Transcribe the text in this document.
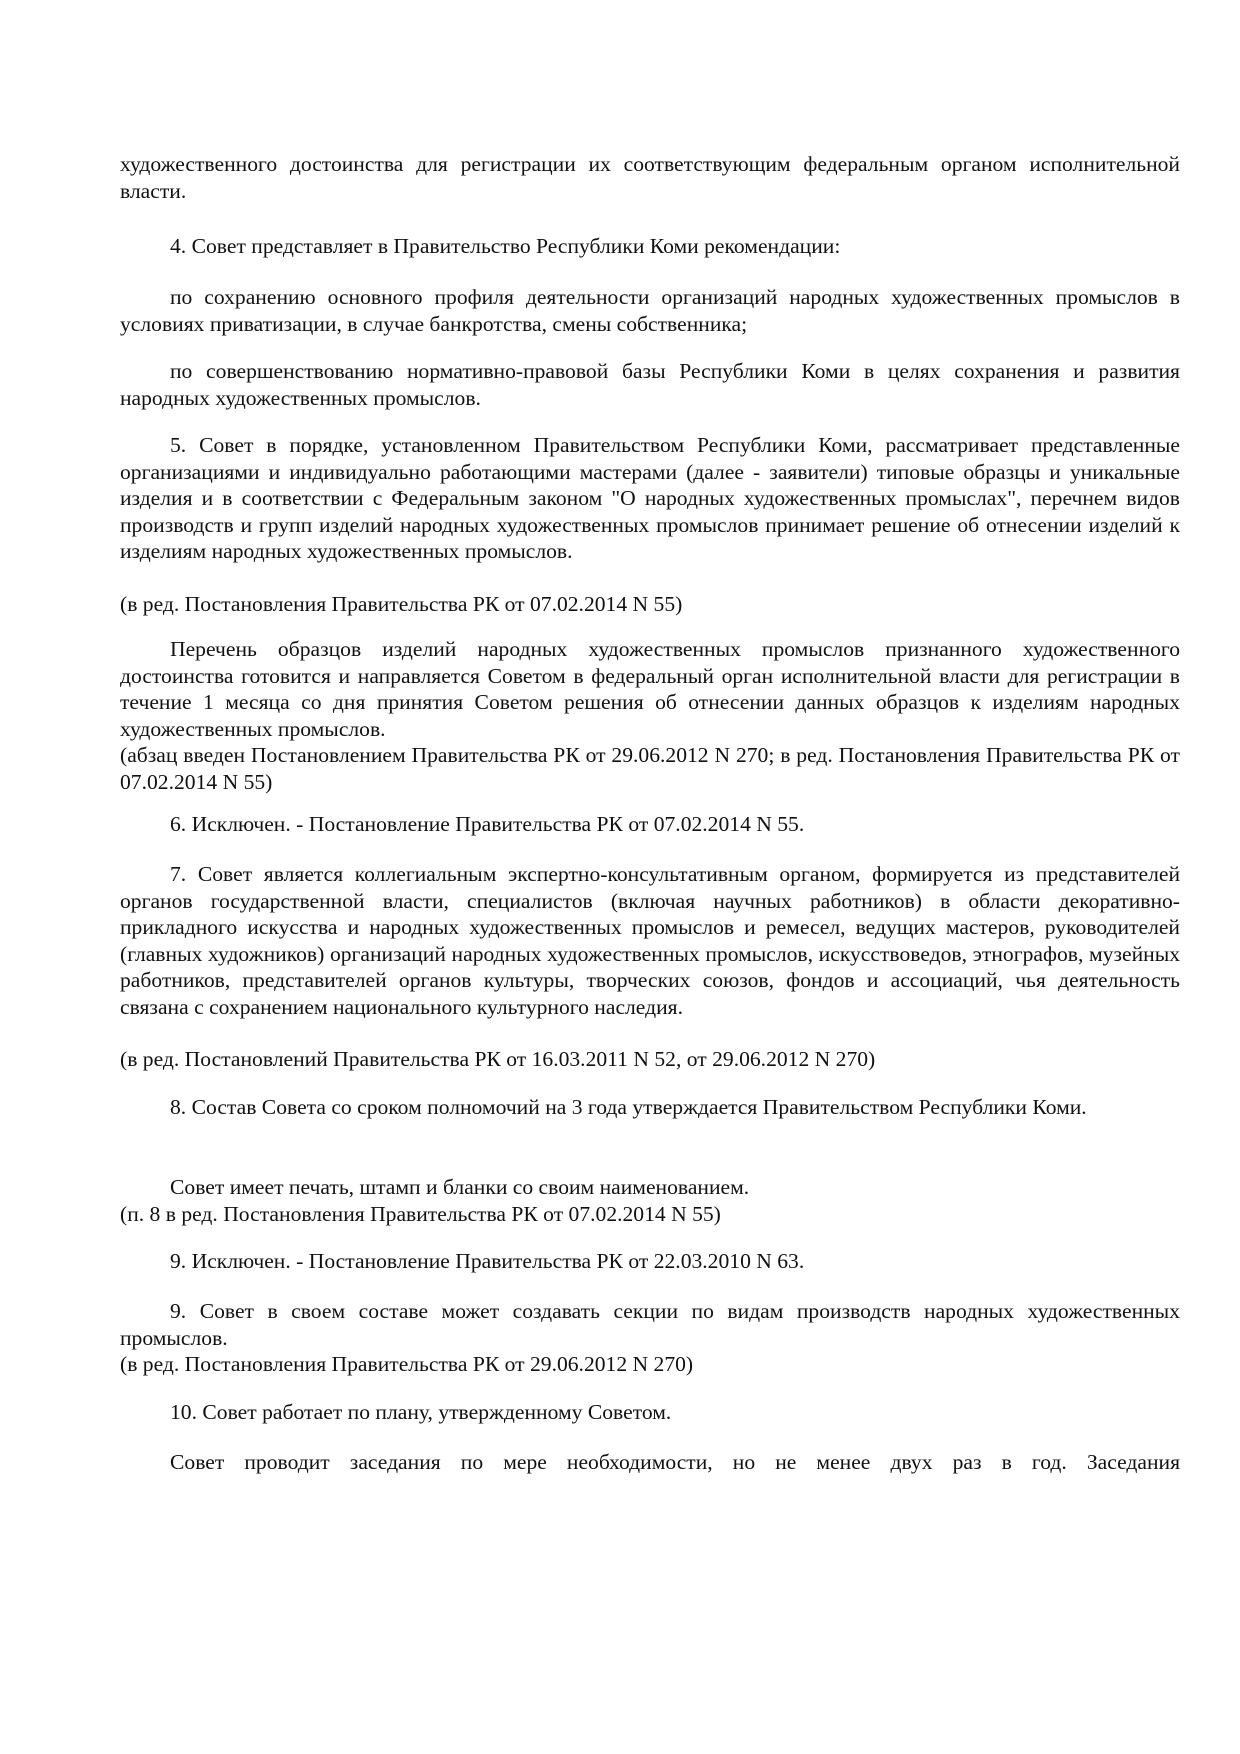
художественного достоинства для регистрации их соответствующим федеральным органом исполнительной власти.

4. Совет представляет в Правительство Республики Коми рекомендации:

по сохранению основного профиля деятельности организаций народных художественных промыслов в условиях приватизации, в случае банкротства, смены собственника;

по совершенствованию нормативно-правовой базы Республики Коми в целях сохранения и развития народных художественных промыслов.

5. Совет в порядке, установленном Правительством Республики Коми, рассматривает представленные организациями и индивидуально работающими мастерами (далее - заявители) типовые образцы и уникальные изделия и в соответствии с Федеральным законом "О народных художественных промыслах", перечнем видов производств и групп изделий народных художественных промыслов принимает решение об отнесении изделий к изделиям народных художественных промыслов.

(в ред. Постановления Правительства РК от 07.02.2014 N 55)

Перечень образцов изделий народных художественных промыслов признанного художественного достоинства готовится и направляется Советом в федеральный орган исполнительной власти для регистрации в течение 1 месяца со дня принятия Советом решения об отнесении данных образцов к изделиям народных художественных промыслов.

(абзац введен Постановлением Правительства РК от 29.06.2012 N 270; в ред. Постановления Правительства РК от 07.02.2014 N 55)

6. Исключен. - Постановление Правительства РК от 07.02.2014 N 55.

7. Совет является коллегиальным экспертно-консультативным органом, формируется из представителей органов государственной власти, специалистов (включая научных работников) в области декоративно-прикладного искусства и народных художественных промыслов и ремесел, ведущих мастеров, руководителей (главных художников) организаций народных художественных промыслов, искусствоведов, этнографов, музейных работников, представителей органов культуры, творческих союзов, фондов и ассоциаций, чья деятельность связана с сохранением национального культурного наследия.

(в ред. Постановлений Правительства РК от 16.03.2011 N 52, от 29.06.2012 N 270)

8. Состав Совета со сроком полномочий на 3 года утверждается Правительством Республики Коми.

Совет имеет печать, штамп и бланки со своим наименованием.

(п. 8 в ред. Постановления Правительства РК от 07.02.2014 N 55)

9. Исключен. - Постановление Правительства РК от 22.03.2010 N 63.

9. Совет в своем составе может создавать секции по видам производств народных художественных промыслов.

(в ред. Постановления Правительства РК от 29.06.2012 N 270)

10. Совет работает по плану, утвержденному Советом.

Совет проводит заседания по мере необходимости, но не менее двух раз в год. Заседания
